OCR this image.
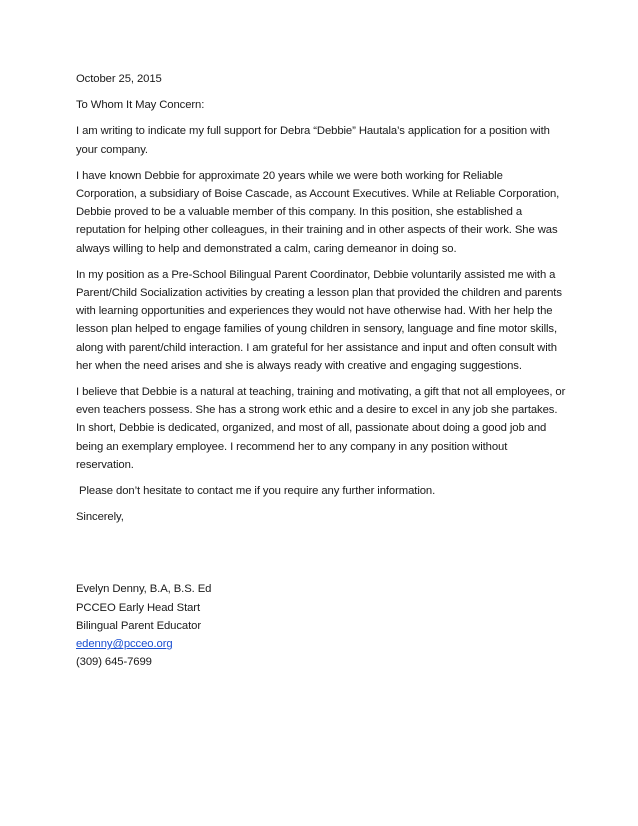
October 25, 2015

To Whom It May Concern:

I am writing to indicate my full support for Debra “Debbie” Hautala’s application for a position with your company.

I have known Debbie for approximate 20 years while we were both working for Reliable Corporation, a subsidiary of Boise Cascade, as Account Executives. While at Reliable Corporation, Debbie proved to be a valuable member of this company. In this position, she established a reputation for helping other colleagues, in their training and in other aspects of their work. She was always willing to help and demonstrated a calm, caring demeanor in doing so.

In my position as a Pre-School Bilingual Parent Coordinator, Debbie voluntarily assisted me with a Parent/Child Socialization activities by creating a lesson plan that provided the children and parents with learning opportunities and experiences they would not have otherwise had. With her help the lesson plan helped to engage families of young children in sensory, language and fine motor skills, along with parent/child interaction. I am grateful for her assistance and input and often consult with her when the need arises and she is always ready with creative and engaging suggestions.

I believe that Debbie is a natural at teaching, training and motivating, a gift that not all employees, or even teachers possess. She has a strong work ethic and a desire to excel in any job she partakes. In short, Debbie is dedicated, organized, and most of all, passionate about doing a good job and being an exemplary employee. I recommend her to any company in any position without reservation.

Please don’t hesitate to contact me if you require any further information.

Sincerely,

Evelyn Denny, B.A, B.S. Ed
PCCEO Early Head Start
Bilingual Parent Educator
edenny@pcceo.org
(309) 645-7699
